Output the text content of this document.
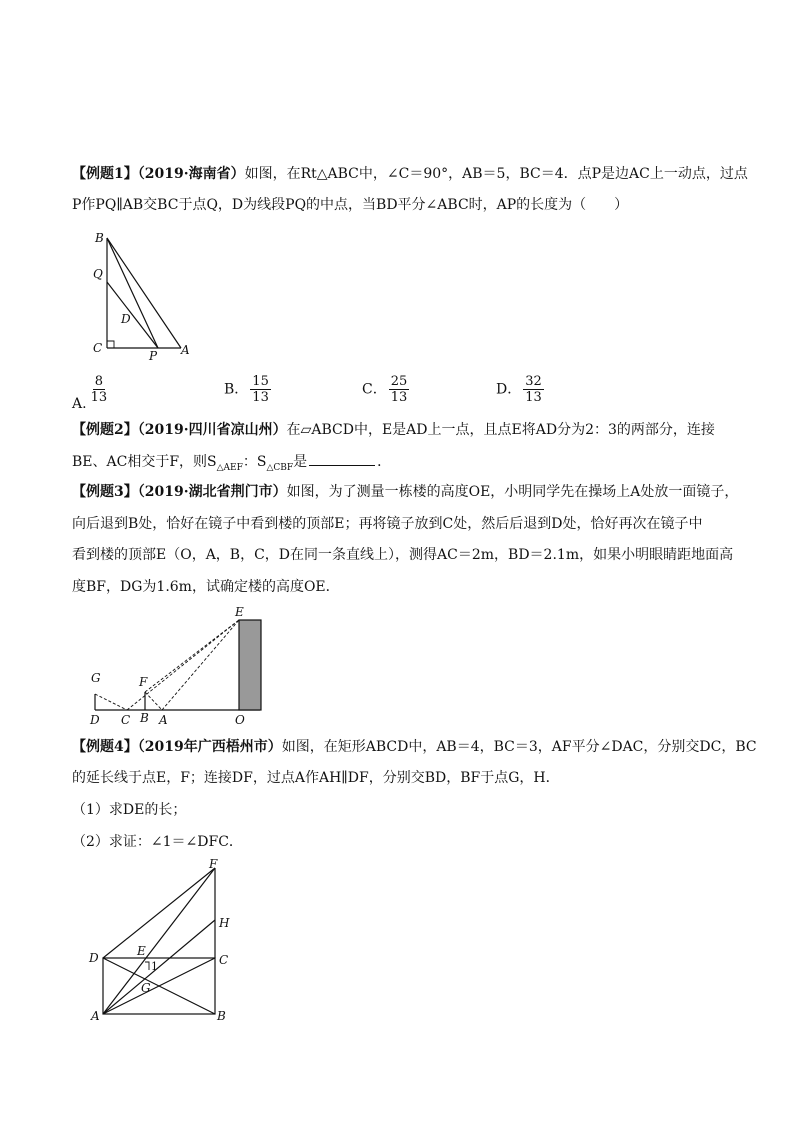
【例题1】（2019·海南省）如图，在Rt△ABC中，∠C＝90°，AB＝5，BC＝4．点P是边AC上一动点，过点
P作PQ∥AB交BC于点Q，D为线段PQ的中点，当BD平分∠ABC时，AP的长度为（　　）
B
Q
D
C
P A
A. $\frac{8}{13}$	B． $\frac{15}{13}$	C． $\frac{25}{13}$	D． $\frac{32}{13}$
【例题2】（2019·四川省凉山州）在▱ABCD中，E是AD上一点，且点E将AD分为2：3的两部分，连接
BE、AC相交于F，则$S_{\triangle AEF}$：$S_{\triangle CBF}$是	．
【例题3】（2019·湖北省荆门市）如图，为了测量一栋楼的高度OE，小明同学先在操场上A处放一面镜子，
向后退到B处，恰好在镜子中看到楼的顶部E；再将镜子放到C处，然后后退到D处，恰好再次在镜子中
看到楼的顶部E（O，A，B，C，D在同一条直线上），测得AC＝2m，BD＝2.1m，如果小明眼睛距地面高
度BF，DG为1.6m，试确定楼的高度OE．
E
G	F
D C B A	O
【例题4】（2019年广西梧州市）如图，在矩形ABCD中，AB＝4，BC＝3，AF平分∠DAC，分别交DC，BC
的延长线于点E，F；连接DF，过点A作AH∥DF，分别交BD，BF于点G，H．
（1）求DE的长；
（2）求证：∠1＝∠DFC．
F
H
D	E
1	C
G
A	B
